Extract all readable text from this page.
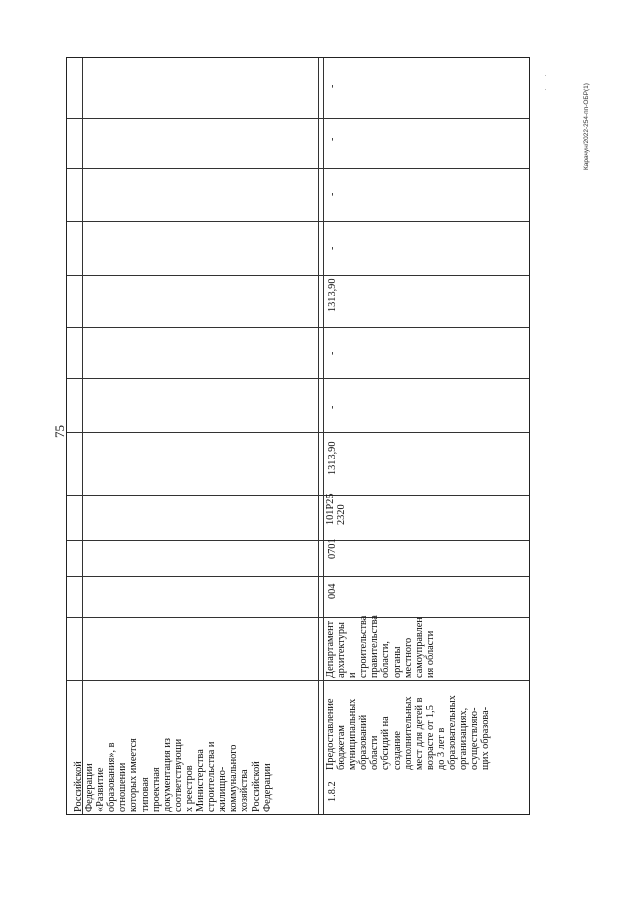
75
Карачун/2022-254-пп-ОБР(1)
Российской
Федерации
«Развитие
образования», в
отношении
которых имеется
типовая
проектная
документация из
соответствующи
х реестров
Министерства
строительства и
жилищно-
коммунального
хозяйства
Российской
Федерации	1.8.2
Предоставление
бюджетам
муниципальных
образований
области
субсидий на
создание
дополнительных
мест для детей в
возрасте от 1,5
до 3 лет в
образовательных
организациях,
осуществляю-
щих образова-
Департамент
архитектуры
и
строительства
правительства
области,
органы
местного
самоуправлен
ия области
004
0701
101P25
2320
1313,90
-
-
1313,90
-
-
-
-
